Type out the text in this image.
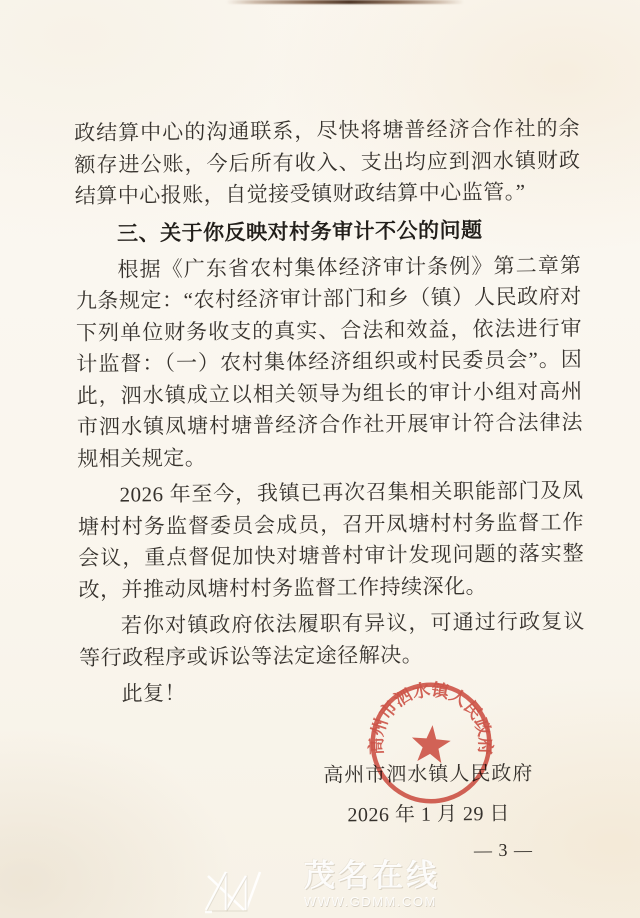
政结算中心的沟通联系，尽快将塘普经济合作社的余额存进公账，今后所有收入、支出均应到泗水镇财政结算中心报账，自觉接受镇财政结算中心监管。”

三、关于你反映对村务审计不公的问题

根据《广东省农村集体经济审计条例》第二章第九条规定：“农村经济审计部门和乡（镇）人民政府对下列单位财务收支的真实、合法和效益，依法进行审计监督：（一）农村集体经济组织或村民委员会”。因此，泗水镇成立以相关领导为组长的审计小组对高州市泗水镇凤塘村塘普经济合作社开展审计符合法律法规相关规定。

2026 年至今，我镇已再次召集相关职能部门及凤塘村村务监督委员会成员，召开凤塘村村务监督工作会议，重点督促加快对塘普村审计发现问题的落实整改，并推动凤塘村村务监督工作持续深化。

若你对镇政府依法履职有异议，可通过行政复议等行政程序或诉讼等法定途径解决。

此复！

高州市泗水镇人民政府
2026 年 1 月 29 日
高州市泗水镇人民政府
— 3 —
茂名在线
WWW.GDMM.COM
